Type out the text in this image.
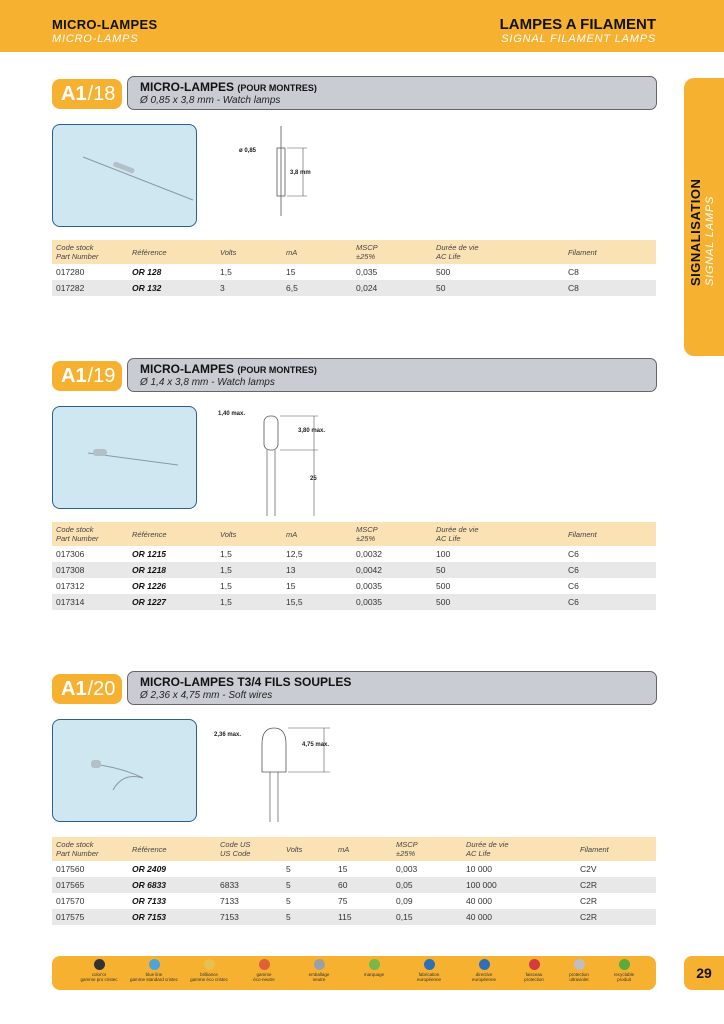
MICRO-LAMPES
MICRO-LAMPS
LAMPES A FILAMENT
SIGNAL FILAMENT LAMPS
SIGNALISATION SIGNAL LAMPS
A1 /18 MICRO-LAMPES (POUR MONTRES)
Ø 0,85 x 3,8 mm - Watch lamps
ø 0,85
3,8 mm
Code stock
Part Number	Référence	Volts	mA	MSCP
±25%	Durée de vie
AC Life	Filament
017280	OR 128	1,5	15	0,035	500	C8
017282	OR 132	3	6,5	0,024	50	C8
A1 /19 MICRO-LAMPES (POUR MONTRES)
Ø 1,4 x 3,8 mm - Watch lamps
1,40 max.
3,80 max.
25
Code stock
Part Number	Référence	Volts	mA	MSCP
±25%	Durée de vie
AC Life	Filament
017306	OR 1215	1,5	12,5	0,0032	100	C6
017308	OR 1218	1,5	13	0,0042	50	C6
017312	OR 1226	1,5	15	0,0035	500	C6
017314	OR 1227	1,5	15,5	0,0035	500	C6
A1 /20 MICRO-LAMPES T3/4 FILS SOUPLES
Ø 2,36 x 4,75 mm - Soft wires
2,36 max.
4,75 max.
Code stock
Part Number	Référence	Code US
US Code	Volts	mA	MSCP
±25%	Durée de vie
AC Life	Filament
017560	OR 2409		5	15	0,003	10 000	C2V
017565	OR 6833	6833	5	60	0,05	100 000	C2R
017570	OR 7133	7133	5	75	0,09	40 000	C2R
017575	OR 7153	7153	5	115	0,15	40 000	C2R
color'or
gamme pro cristec
blue line
gamme standard cristec
brilliance
gamme éco cristec
gamme
éco-neutre
emballage
neutre
marquage	fabrication
européenne
directive
européenne
faisceau
protection
protection
ultraviolet
recyclable
produit	29
